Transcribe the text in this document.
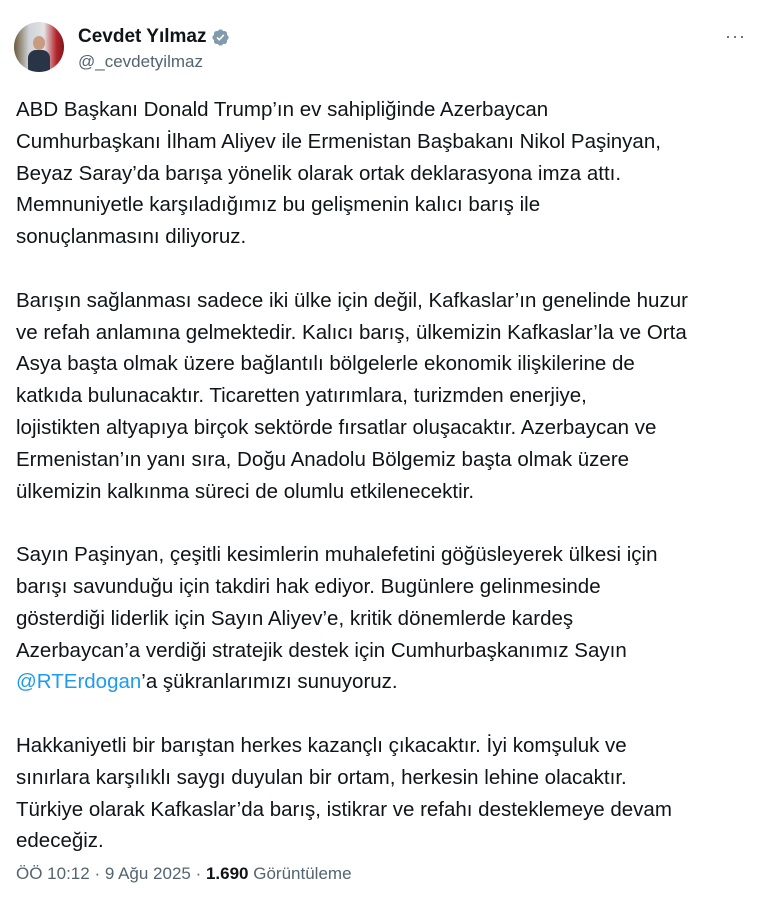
Cevdet Yılmaz
@_cevdetyilmaz
···
ABD Başkanı Donald Trump’ın ev sahipliğinde Azerbaycan
Cumhurbaşkanı İlham Aliyev ile Ermenistan Başbakanı Nikol Paşinyan,
Beyaz Saray’da barışa yönelik olarak ortak deklarasyona imza attı.
Memnuniyetle karşıladığımız bu gelişmenin kalıcı barış ile
sonuçlanmasını diliyoruz.
Barışın sağlanması sadece iki ülke için değil, Kafkaslar’ın genelinde huzur
ve refah anlamına gelmektedir. Kalıcı barış, ülkemizin Kafkaslar’la ve Orta
Asya başta olmak üzere bağlantılı bölgelerle ekonomik ilişkilerine de
katkıda bulunacaktır. Ticaretten yatırımlara, turizmden enerjiye,
lojistikten altyapıya birçok sektörde fırsatlar oluşacaktır. Azerbaycan ve
Ermenistan’ın yanı sıra, Doğu Anadolu Bölgemiz başta olmak üzere
ülkemizin kalkınma süreci de olumlu etkilenecektir.
Sayın Paşinyan, çeşitli kesimlerin muhalefetini göğüsleyerek ülkesi için
barışı savunduğu için takdiri hak ediyor. Bugünlere gelinmesinde
gösterdiği liderlik için Sayın Aliyev’e, kritik dönemlerde kardeş
Azerbaycan’a verdiği stratejik destek için Cumhurbaşkanımız Sayın
@RTErdogan’a şükranlarımızı sunuyoruz.
Hakkaniyetli bir barıştan herkes kazançlı çıkacaktır. İyi komşuluk ve
sınırlara karşılıklı saygı duyulan bir ortam, herkesin lehine olacaktır.
Türkiye olarak Kafkaslar’da barış, istikrar ve refahı desteklemeye devam
edeceğiz.
ÖÖ 10:12 · 9 Ağu 2025 · 1.690 Görüntüleme
